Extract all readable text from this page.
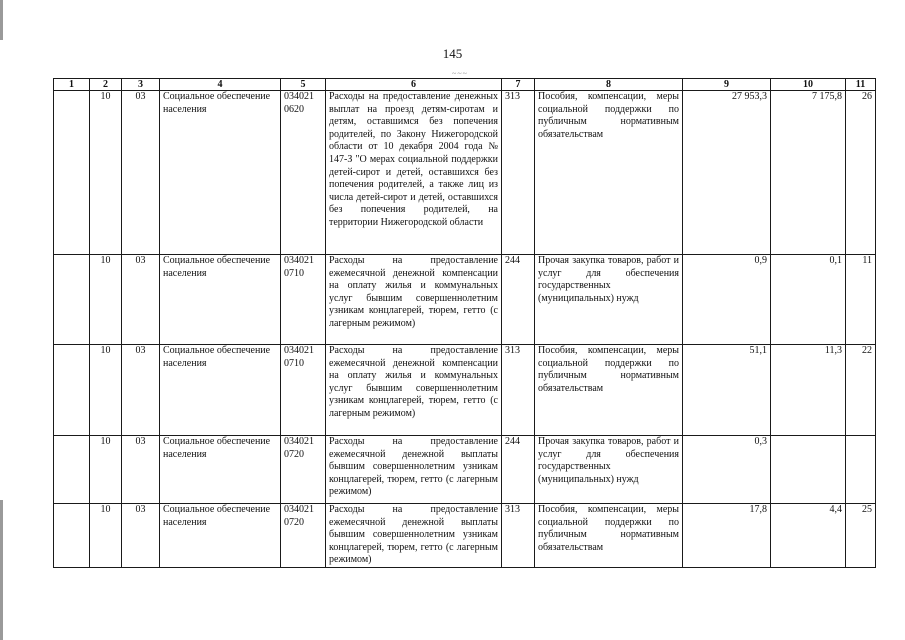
145
~~~
1	2	3	4	5	6	7	8	9	10	11
	10	03	Социальное обеспечение населения	034021 0620	Расходы на предоставление денежных выплат на проезд детям-сиротам и детям, оставшимся без попечения родителей, по Закону Нижегородской области от 10 декабря 2004 года № 147-З "О мерах социальной поддержки детей-сирот и детей, оставшихся без попечения родителей, а также лиц из числа детей-сирот и детей, оставшихся без попечения родителей, на территории Нижегородской области	313	Пособия, компенсации, меры социальной поддержки по публичным нормативным обязательствам	27 953,3	7 175,8	26
	10	03	Социальное обеспечение населения	034021 0710	Расходы на предоставление ежемесячной денежной компенсации на оплату жилья и коммунальных услуг бывшим совершеннолетним узникам концлагерей, тюрем, гетто (с лагерным режимом)	244	Прочая закупка товаров, работ и услуг для обеспечения государственных (муниципальных) нужд	0,9	0,1	11
	10	03	Социальное обеспечение населения	034021 0710	Расходы на предоставление ежемесячной денежной компенсации на оплату жилья и коммунальных услуг бывшим совершеннолетним узникам концлагерей, тюрем, гетто (с лагерным режимом)	313	Пособия, компенсации, меры социальной поддержки по публичным нормативным обязательствам	51,1	11,3	22
	10	03	Социальное обеспечение населения	034021 0720	Расходы на предоставление ежемесячной денежной выплаты бывшим совершеннолетним узникам концлагерей, тюрем, гетто (с лагерным режимом)	244	Прочая закупка товаров, работ и услуг для обеспечения государственных (муниципальных) нужд	0,3		
	10	03	Социальное обеспечение населения	034021 0720	Расходы на предоставление ежемесячной денежной выплаты бывшим совершеннолетним узникам концлагерей, тюрем, гетто (с лагерным режимом)	313	Пособия, компенсации, меры социальной поддержки по публичным нормативным обязательствам	17,8	4,4	25
